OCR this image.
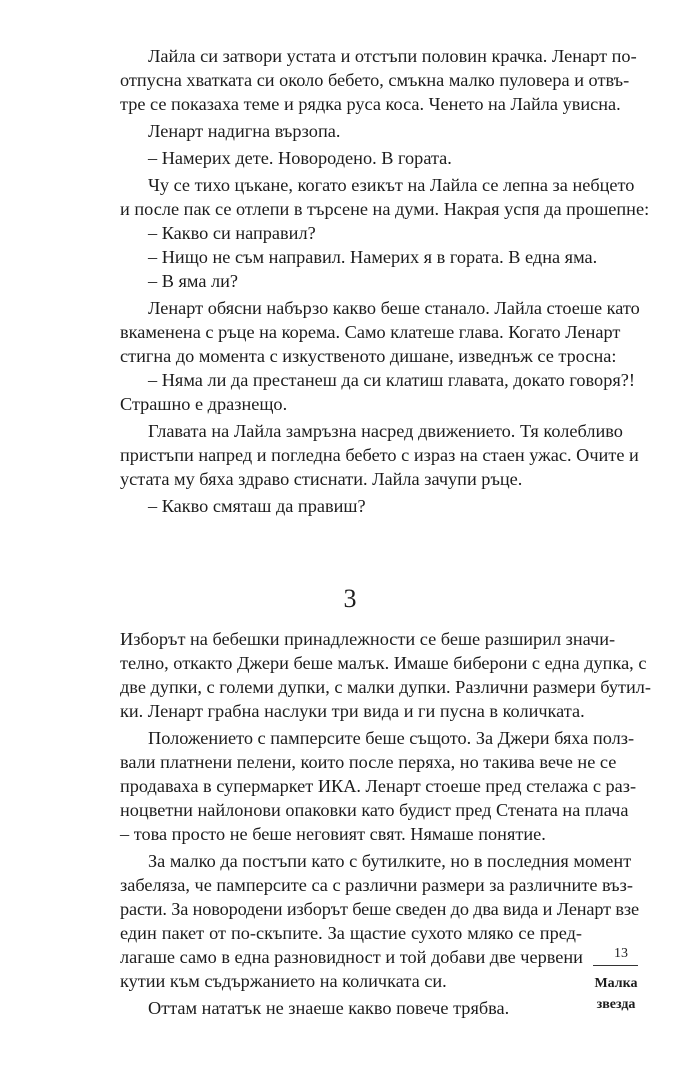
Лайла си затвори устата и отстъпи половин крачка. Ленарт по-
отпусна хватката си около бебето, смъкна малко пуловера и отвъ-
тре се показаха теме и рядка руса коса. Ченето на Лайла увисна.
Ленарт надигна вързопа.
– Намерих дете. Новородено. В гората.
Чу се тихо цъкане, когато езикът на Лайла се лепна за небцето
и после пак се отлепи в търсене на думи. Накрая успя да прошепне:
– Какво си направил?
– Нищо не съм направил. Намерих я в гората. В една яма.
– В яма ли?
Ленарт обясни набързо какво беше станало. Лайла стоеше като
вкаменена с ръце на корема. Само клатеше глава. Когато Ленарт
стигна до момента с изкуственото дишане, изведнъж се тросна:
– Няма ли да престанеш да си клатиш главата, докато говоря?!
Страшно е дразнещо.
Главата на Лайла замръзна насред движението. Тя колебливо
пристъпи напред и погледна бебето с израз на стаен ужас. Очите и
устата му бяха здраво стиснати. Лайла зачупи ръце.
– Какво смяташ да правиш?
3
Изборът на бебешки принадлежности се беше разширил значи-
телно, откакто Джери беше малък. Имаше биберони с една дупка, с
две дупки, с големи дупки, с малки дупки. Различни размери бутил-
ки. Ленарт грабна наслуки три вида и ги пусна в количката.
Положението с памперсите беше същото. За Джери бяха полз-
вали платнени пелени, които после перяха, но такива вече не се
продаваха в супермаркет ИКА. Ленарт стоеше пред стелажа с раз-
ноцветни найлонови опаковки като будист пред Стената на плача
– това просто не беше неговият свят. Нямаше понятие.
За малко да постъпи като с бутилките, но в последния момент
забеляза, че памперсите са с различни размери за различните въз-
расти. За новородени изборът беше сведен до два вида и Ленарт взе
един пакет от по-скъпите. За щастие сухото мляко се пред-
лагаше само в една разновидност и той добави две червени
кутии към съдържанието на количката си.
Оттам нататък не знаеше какво повече трябва.
13
Малка
звезда
